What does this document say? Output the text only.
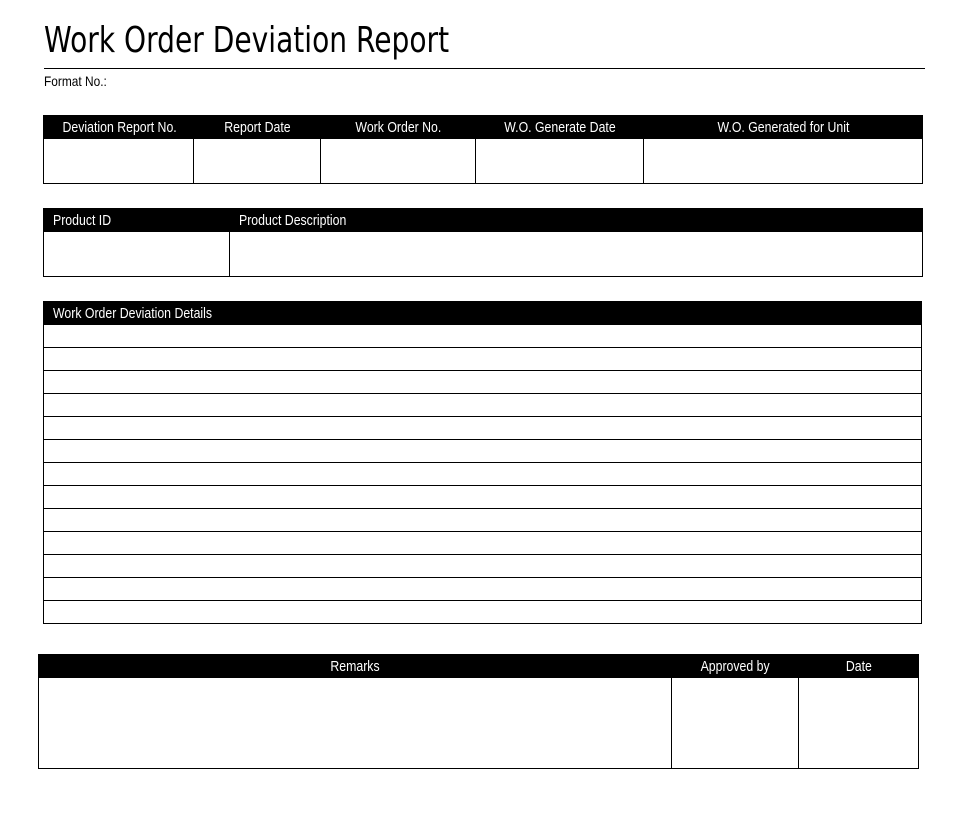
Work Order Deviation Report
Format No.:
Deviation Report No.	Report Date	Work Order No.	W.O. Generate Date	W.O. Generated for Unit

Product ID	Product Description

Work Order Deviation Details

Remarks	Approved by	Date
